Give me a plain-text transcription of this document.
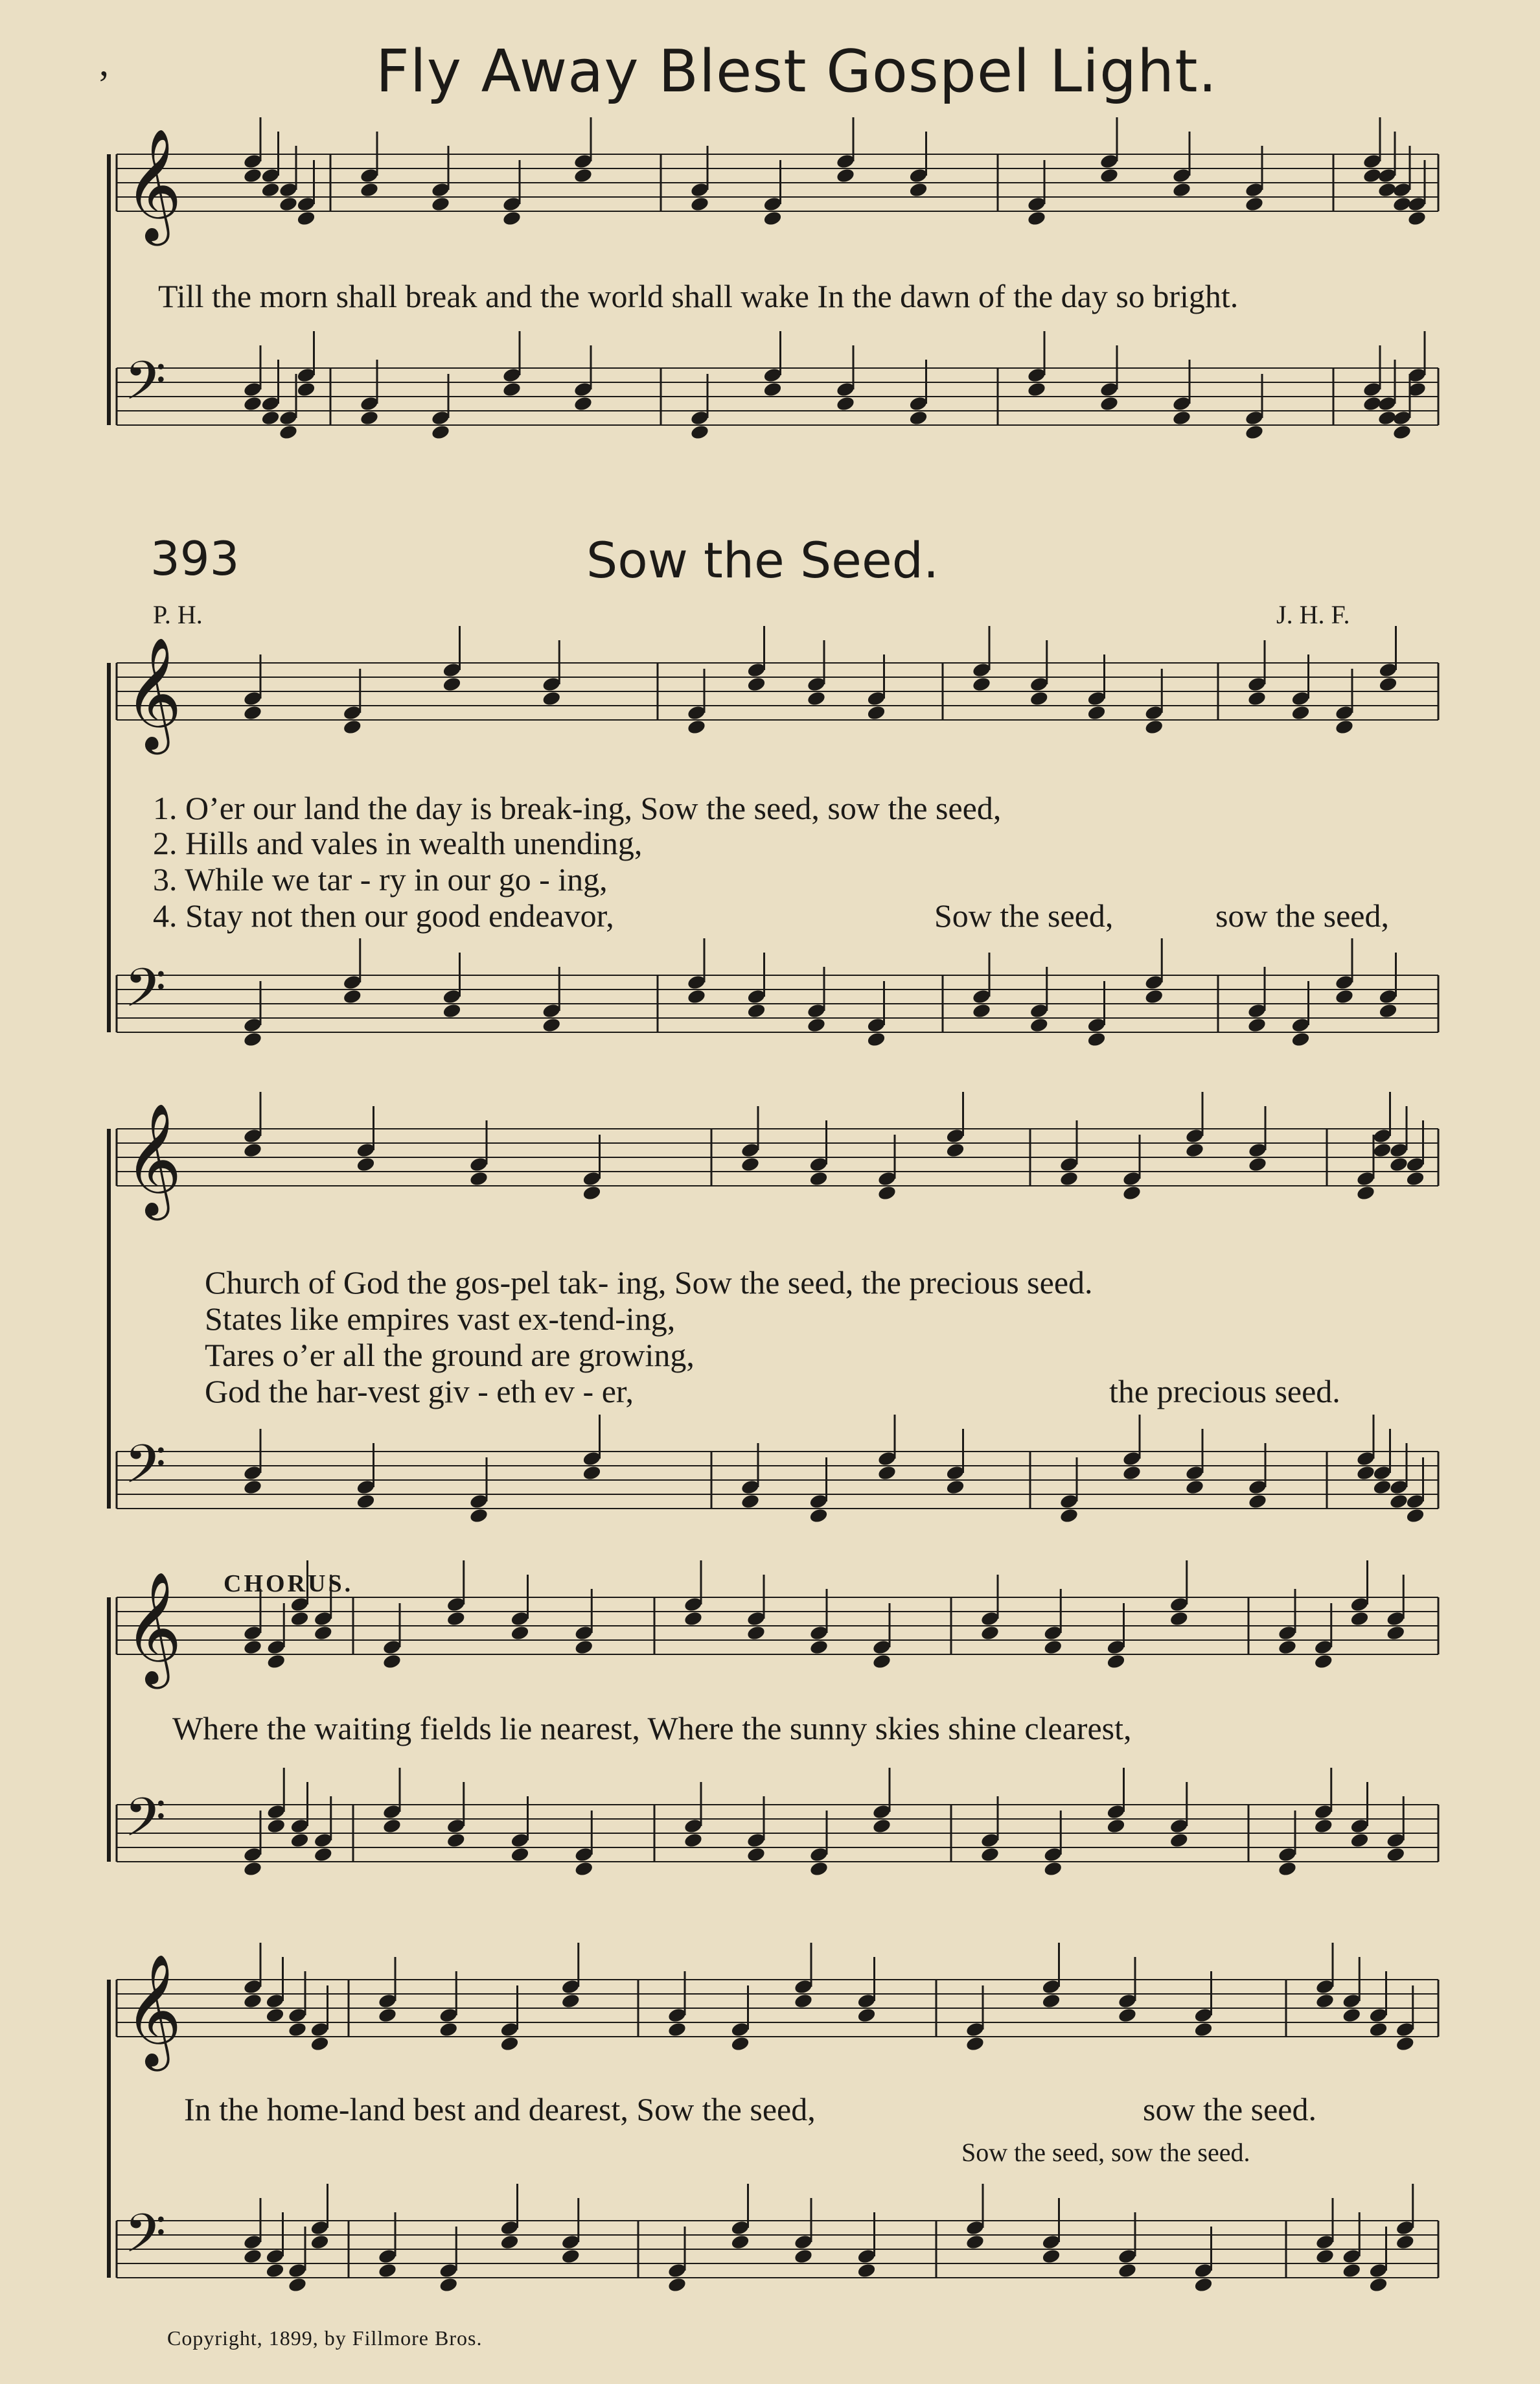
𝄞
𝄢
𝄞
𝄢
𝄞
𝄢
𝄞
𝄢
𝄞
𝄢
Fly Away Blest Gospel Light.
Till the morn shall break and the world shall wake In the dawn of the day so bright.
393	Sow the Seed.
P. H.	J. H. F.
1. O’er our land the day is break-ing, Sow the seed, sow the seed,
2. Hills and vales in wealth unending,
3. While we tar - ry in our go - ing,
4. Stay not then our good endeavor,	Sow the seed,	sow the seed,
Church of God the gos-pel tak- ing, Sow the seed, the precious seed.
States like empires vast ex-tend-ing,
Tares o’er all the ground are growing,
God the har-vest giv - eth ev - er,	the precious seed.
CHORUS.
Where the waiting fields lie nearest, Where the sunny skies shine clearest,
In the home-land best and dearest, Sow the seed,	sow the seed.
Sow the seed, sow the seed.
Copyright, 1899, by Fillmore Bros.
’
